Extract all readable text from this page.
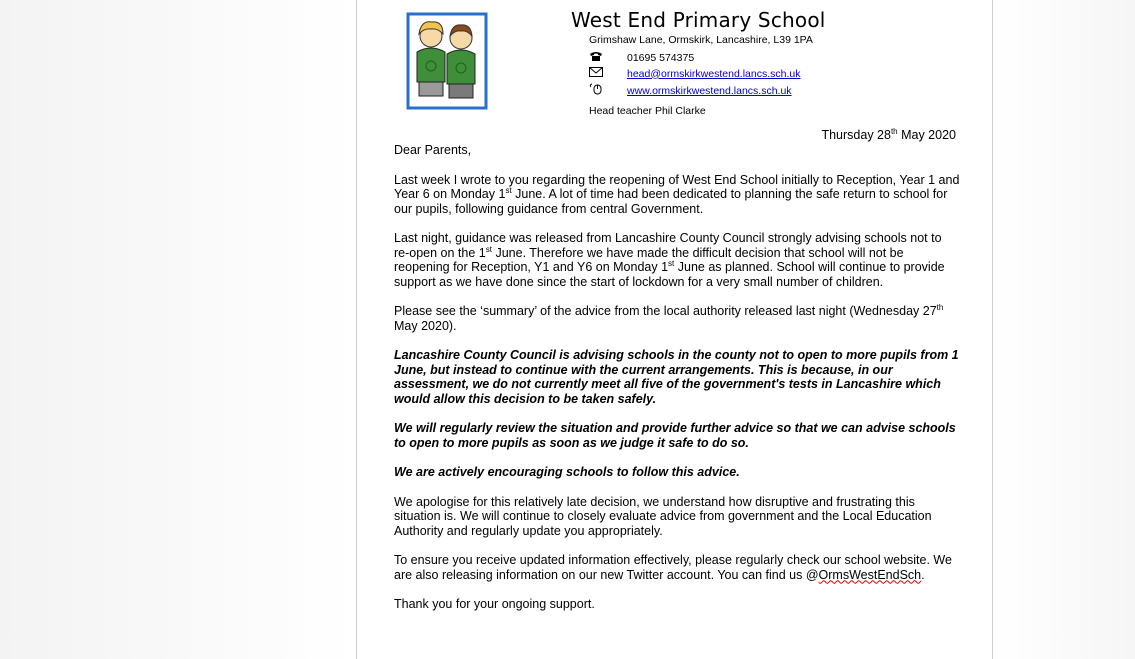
West End Primary School
Grimshaw Lane, Ormskirk, Lancashire, L39 1PA
01695 574375
head@ormskirkwestend.lancs.sch.uk
www.ormskirkwestend.lancs.sch.uk
Head teacher Phil Clarke
Thursday 28th May 2020

Dear Parents,

Last week I wrote to you regarding the reopening of West End School initially to Reception, Year 1 and Year 6 on Monday 1st June. A lot of time had been dedicated to planning the safe return to school for our pupils, following guidance from central Government.

Last night, guidance was released from Lancashire County Council strongly advising schools not to re-open on the 1st June. Therefore we have made the difficult decision that school will not be reopening for Reception, Y1 and Y6 on Monday 1st June as planned. School will continue to provide support as we have done since the start of lockdown for a very small number of children.

Please see the ‘summary’ of the advice from the local authority released last night (Wednesday 27th May 2020).

Lancashire County Council is advising schools in the county not to open to more pupils from 1 June, but instead to continue with the current arrangements. This is because, in our assessment, we do not currently meet all five of the government's tests in Lancashire which would allow this decision to be taken safely.

We will regularly review the situation and provide further advice so that we can advise schools to open to more pupils as soon as we judge it safe to do so.

We are actively encouraging schools to follow this advice.

We apologise for this relatively late decision, we understand how disruptive and frustrating this situation is. We will continue to closely evaluate advice from government and the Local Education Authority and regularly update you appropriately.

To ensure you receive updated information effectively, please regularly check our school website. We are also releasing information on our new Twitter account. You can find us @OrmsWestEndSch.

Thank you for your ongoing support.
